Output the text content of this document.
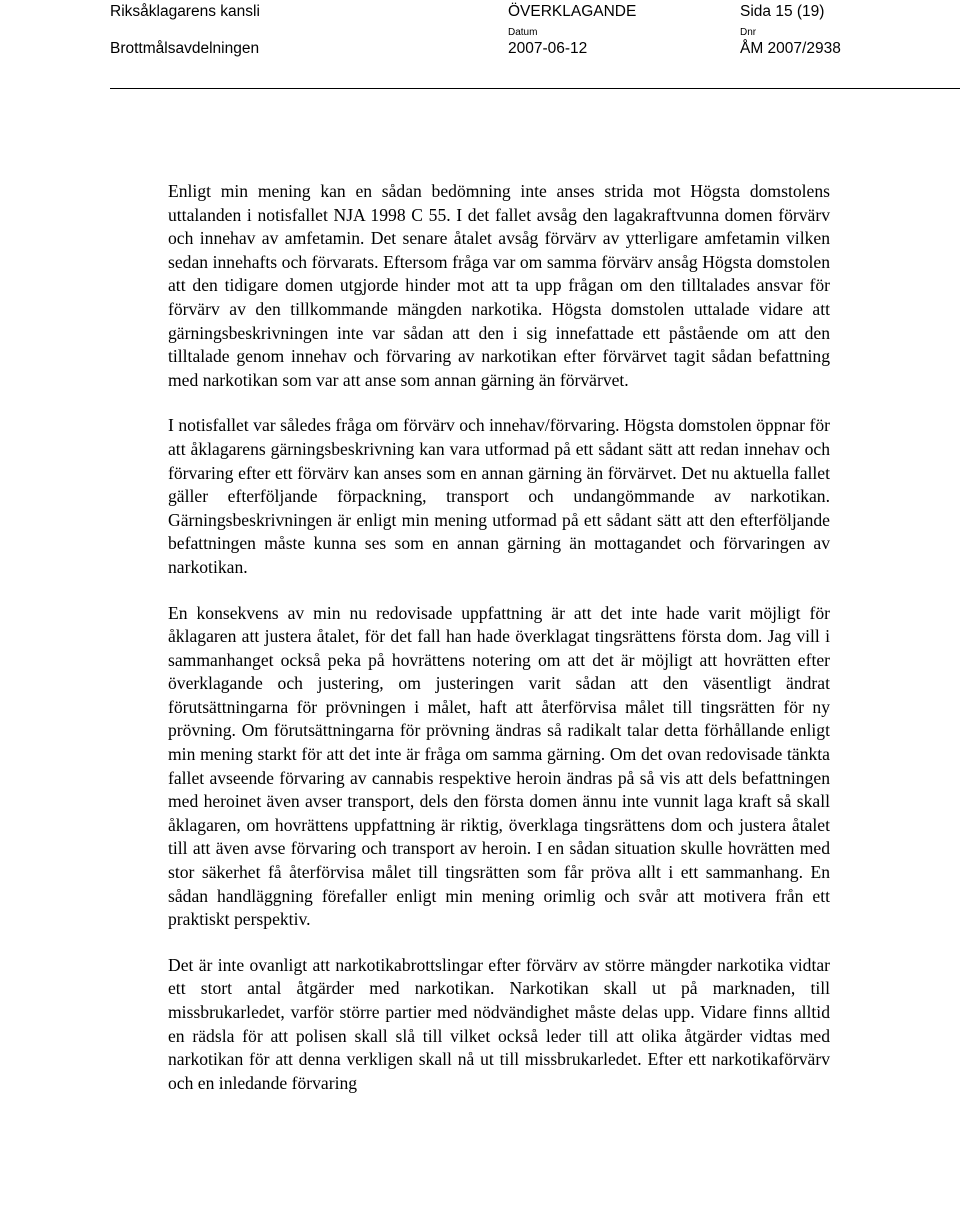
Riksåklagarens kansli
Brottmålsavdelningen
ÖVERKLAGANDE	Sida 15 (19)
Datum
2007-06-12
Dnr
ÅM 2007/2938

Enligt min mening kan en sådan bedömning inte anses strida mot Högsta domstolens uttalanden i notisfallet NJA 1998 C 55. I det fallet avsåg den lagakraftvunna domen förvärv och innehav av amfetamin. Det senare åtalet avsåg förvärv av ytterligare amfetamin vilken sedan innehafts och förvarats. Eftersom fråga var om samma förvärv ansåg Högsta domstolen att den tidigare domen utgjorde hinder mot att ta upp frågan om den tilltalades ansvar för förvärv av den tillkommande mängden narkotika. Högsta domstolen uttalade vidare att gärningsbeskrivningen inte var sådan att den i sig innefattade ett påstående om att den tilltalade genom innehav och förvaring av narkotikan efter förvärvet tagit sådan befattning med narkotikan som var att anse som annan gärning än förvärvet.

I notisfallet var således fråga om förvärv och innehav/förvaring. Högsta domstolen öppnar för att åklagarens gärningsbeskrivning kan vara utformad på ett sådant sätt att redan innehav och förvaring efter ett förvärv kan anses som en annan gärning än förvärvet. Det nu aktuella fallet gäller efterföljande förpackning, transport och undangömmande av narkotikan. Gärningsbeskrivningen är enligt min mening utformad på ett sådant sätt att den efterföljande befattningen måste kunna ses som en annan gärning än mottagandet och förvaringen av narkotikan.

En konsekvens av min nu redovisade uppfattning är att det inte hade varit möjligt för åklagaren att justera åtalet, för det fall han hade överklagat tingsrättens första dom. Jag vill i sammanhanget också peka på hovrättens notering om att det är möjligt att hovrätten efter överklagande och justering, om justeringen varit sådan att den väsentligt ändrat förutsättningarna för prövningen i målet, haft att återförvisa målet till tingsrätten för ny prövning. Om förutsättningarna för prövning ändras så radikalt talar detta förhållande enligt min mening starkt för att det inte är fråga om samma gärning. Om det ovan redovisade tänkta fallet avseende förvaring av cannabis respektive heroin ändras på så vis att dels befattningen med heroinet även avser transport, dels den första domen ännu inte vunnit laga kraft så skall åklagaren, om hovrättens uppfattning är riktig, överklaga tingsrättens dom och justera åtalet till att även avse förvaring och transport av heroin. I en sådan situation skulle hovrätten med stor säkerhet få återförvisa målet till tingsrätten som får pröva allt i ett sammanhang. En sådan handläggning förefaller enligt min mening orimlig och svår att motivera från ett praktiskt perspektiv.

Det är inte ovanligt att narkotikabrottslingar efter förvärv av större mängder narkotika vidtar ett stort antal åtgärder med narkotikan. Narkotikan skall ut på marknaden, till missbrukarledet, varför större partier med nödvändighet måste delas upp. Vidare finns alltid en rädsla för att polisen skall slå till vilket också leder till att olika åtgärder vidtas med narkotikan för att denna verkligen skall nå ut till missbrukarledet. Efter ett narkotikaförvärv och en inledande förvaring
